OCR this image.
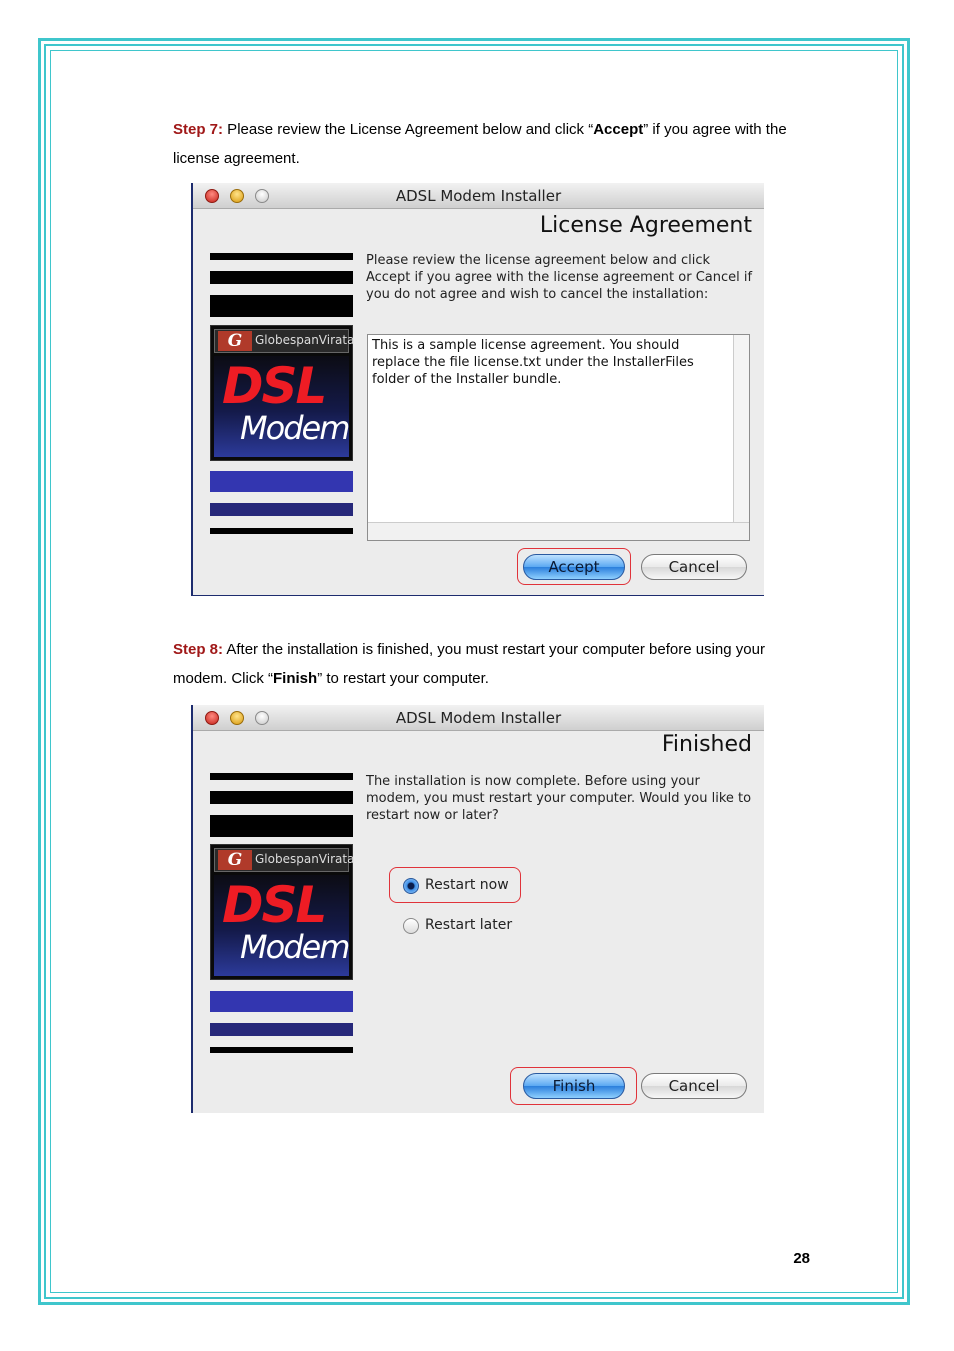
Step 7: Please review the License Agreement below and click “Accept” if you agree with the license agreement.
ADSL Modem Installer
License Agreement
G	GlobespanVirata
DSL
Modem
Please review the license agreement below and click Accept if you agree with the license agreement or Cancel if you do not agree and wish to cancel the installation:
This is a sample license agreement. You should replace the file license.txt under the InstallerFiles folder of the Installer bundle.
Accept	Cancel
Step 8: After the installation is finished, you must restart your computer before using your modem. Click “Finish” to restart your computer.
ADSL Modem Installer
Finished
G	GlobespanVirata
DSL
Modem
The installation is now complete. Before using your modem, you must restart your computer. Would you like to restart now or later?
Restart now
Restart later
Finish	Cancel
28
